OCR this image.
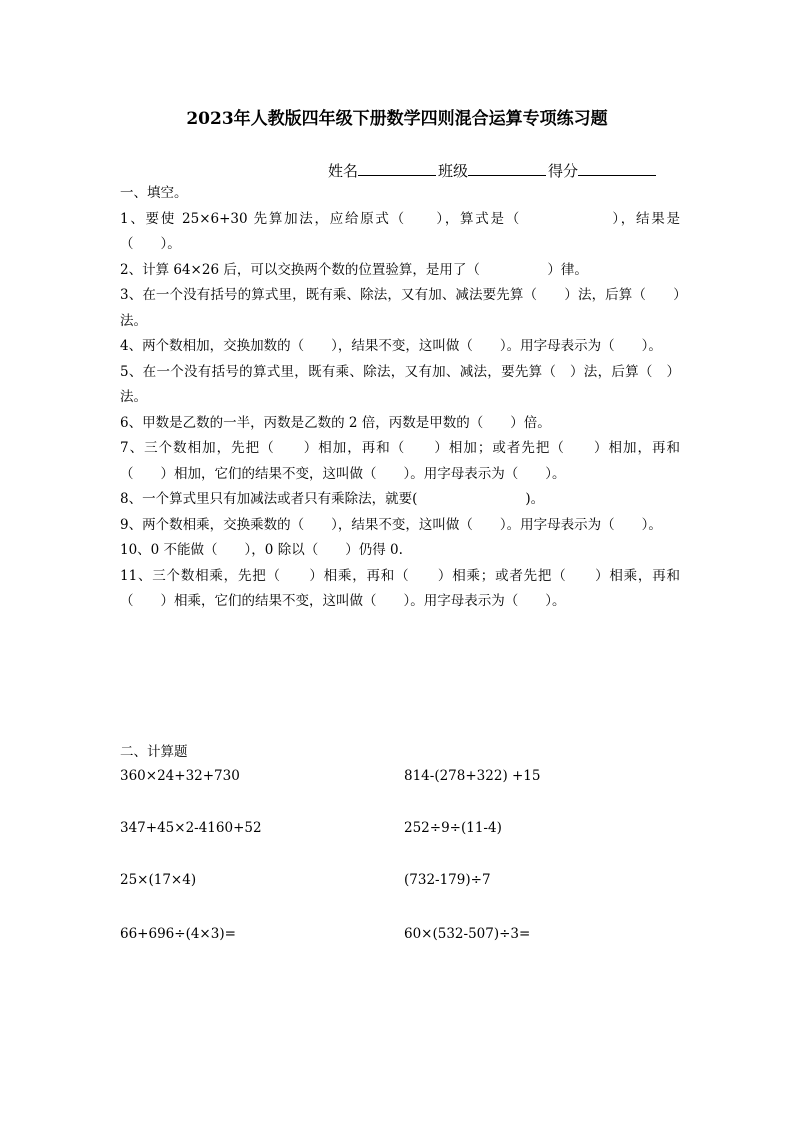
2023年人教版四年级下册数学四则混合运算专项练习题
姓名	班级	得分
一、填空。
1、要使 25×6+30 先算加法，应给原式（　　），算式是（　　　　　　），结果是（　　）。
2、计算 64×26 后，可以交换两个数的位置验算，是用了（　　　　　）律。
3、在一个没有括号的算式里，既有乘、除法，又有加、减法要先算（　　）法，后算（　　）法。
4、两个数相加，交换加数的（　　），结果不变，这叫做（　　）。用字母表示为（　　）。
5、在一个没有括号的算式里，既有乘、除法，又有加、减法，要先算（　）法，后算（　）法。
6、甲数是乙数的一半，丙数是乙数的 2 倍，丙数是甲数的（　　）倍。
7、三个数相加，先把（　　）相加，再和（　　）相加；或者先把（　　）相加，再和（　　）相加，它们的结果不变，这叫做（　　）。用字母表示为（　　）。
8、一个算式里只有加减法或者只有乘除法，就要(　　　　　　　　)。
9、两个数相乘，交换乘数的（　　），结果不变，这叫做（　　）。用字母表示为（　　）。
10、0 不能做（　　），0 除以（　　）仍得 0.
11、三个数相乘，先把（　　）相乘，再和（　　）相乘；或者先把（　　）相乘，再和（　　）相乘，它们的结果不变，这叫做（　　）。用字母表示为（　　）。
二、计算题
360×24+32+730	814-(278+322) +15
347+45×2-4160+52	252÷9÷(11-4)
25×(17×4)	(732-179)÷7
66+696÷(4×3)=	60×(532-507)÷3=
